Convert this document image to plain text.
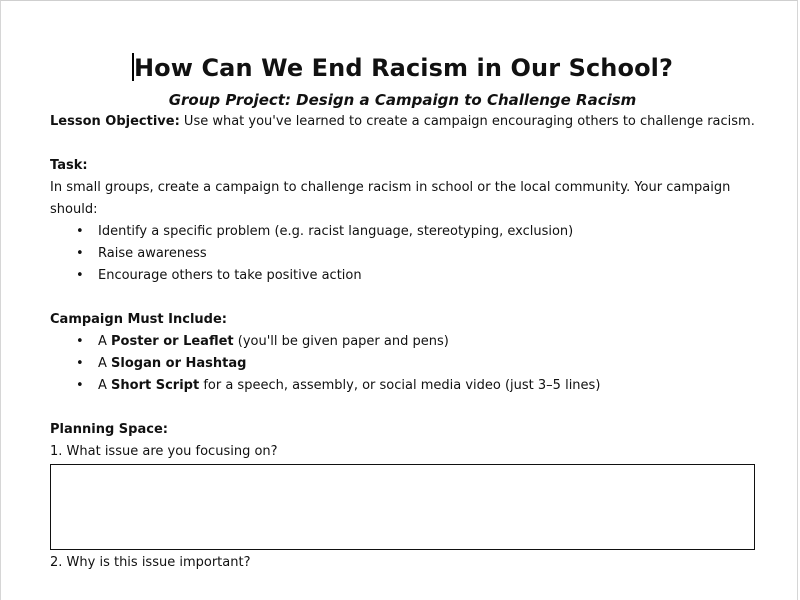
How Can We End Racism in Our School?

Group Project: Design a Campaign to Challenge Racism

Lesson Objective: Use what you've learned to create a campaign encouraging others to challenge racism.

Task:

In small groups, create a campaign to challenge racism in school or the local community. Your campaign should:

• Identify a specific problem (e.g. racist language, stereotyping, exclusion)
• Raise awareness
• Encourage others to take positive action

Campaign Must Include:

• A Poster or Leaflet (you'll be given paper and pens)
• A Slogan or Hashtag
• A Short Script for a speech, assembly, or social media video (just 3–5 lines)

Planning Space:

1. What issue are you focusing on?

2. Why is this issue important?
